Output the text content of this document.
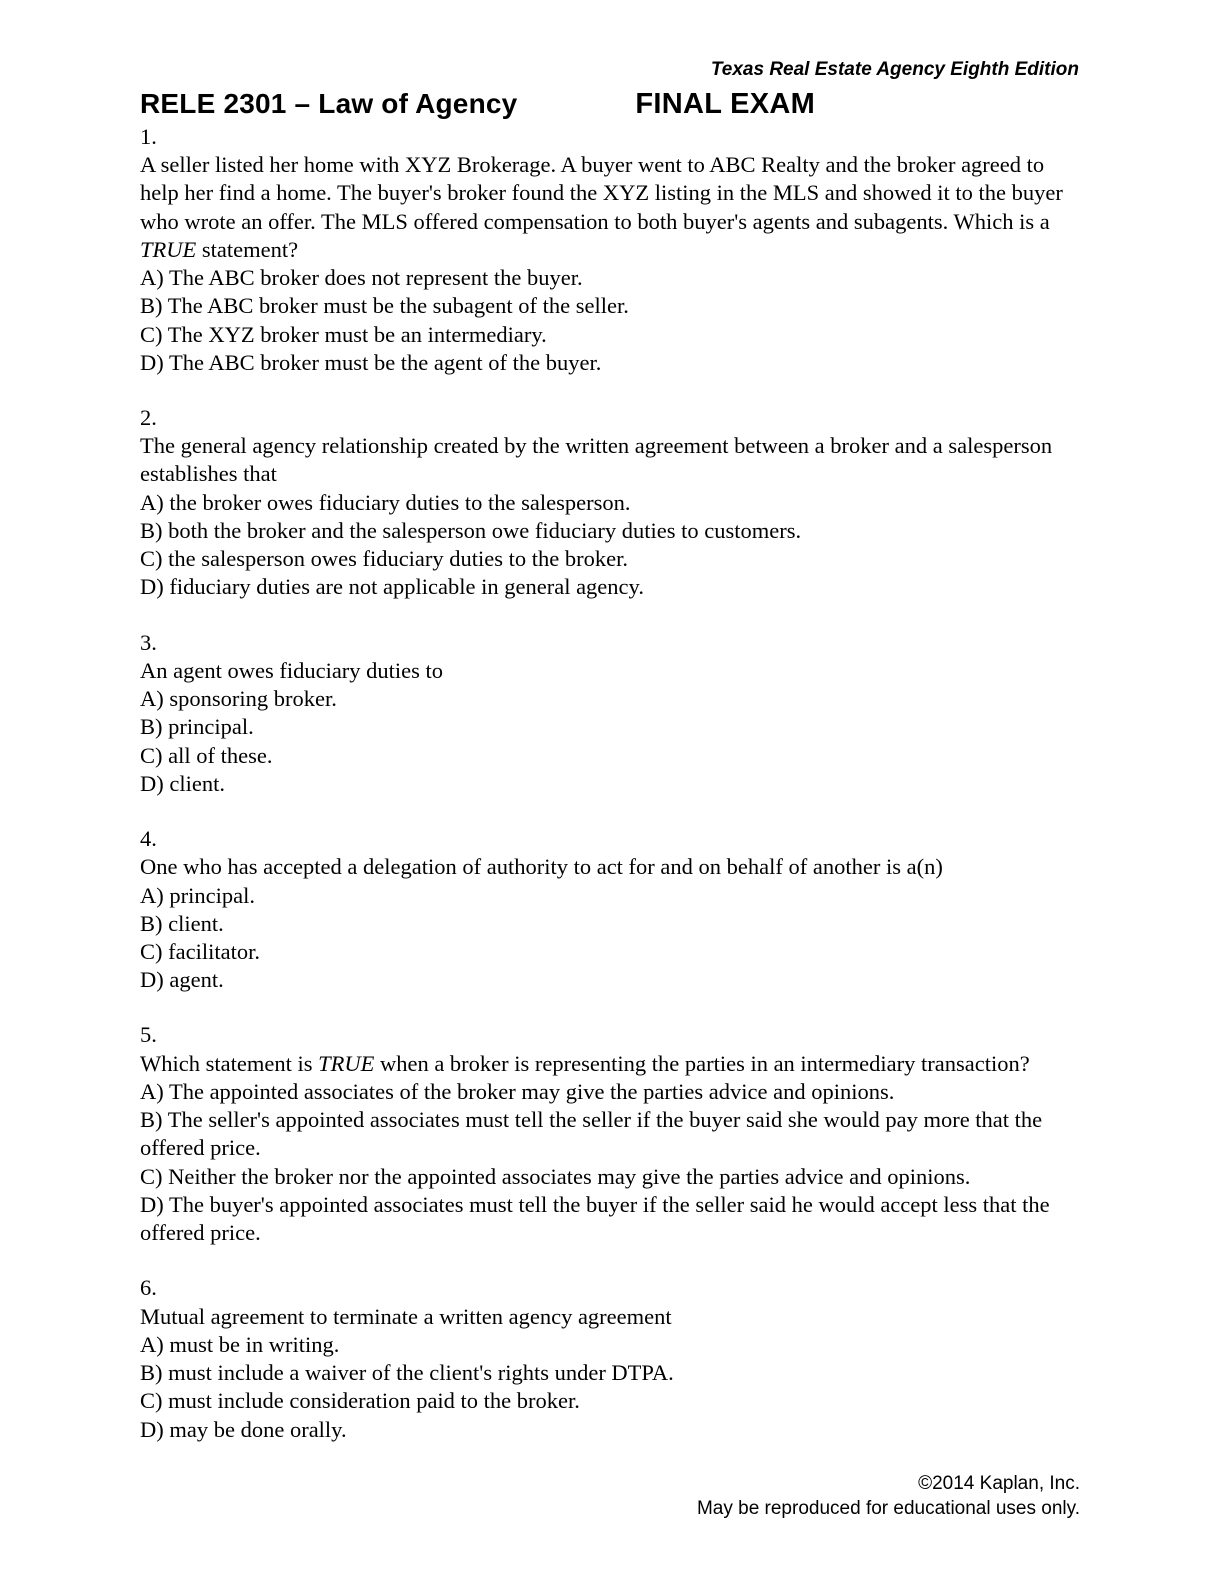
Texas Real Estate Agency Eighth Edition
RELE 2301 – Law of Agency	FINAL EXAM

1.

A seller listed her home with XYZ Brokerage. A buyer went to ABC Realty and the broker agreed to help her find a home. The buyer's broker found the XYZ listing in the MLS and showed it to the buyer who wrote an offer. The MLS offered compensation to both buyer's agents and subagents. Which is a TRUE statement?

A) The ABC broker does not represent the buyer.

B) The ABC broker must be the subagent of the seller.

C) The XYZ broker must be an intermediary.

D) The ABC broker must be the agent of the buyer.

2.

The general agency relationship created by the written agreement between a broker and a salesperson establishes that

A) the broker owes fiduciary duties to the salesperson.

B) both the broker and the salesperson owe fiduciary duties to customers.

C) the salesperson owes fiduciary duties to the broker.

D) fiduciary duties are not applicable in general agency.

3.

An agent owes fiduciary duties to

A) sponsoring broker.

B) principal.

C) all of these.

D) client.

4.

One who has accepted a delegation of authority to act for and on behalf of another is a(n)

A) principal.

B) client.

C) facilitator.

D) agent.

5.

Which statement is TRUE when a broker is representing the parties in an intermediary transaction?

A) The appointed associates of the broker may give the parties advice and opinions.

B) The seller's appointed associates must tell the seller if the buyer said she would pay more that the offered price.

C) Neither the broker nor the appointed associates may give the parties advice and opinions.

D) The buyer's appointed associates must tell the buyer if the seller said he would accept less that the offered price.

6.

Mutual agreement to terminate a written agency agreement

A) must be in writing.

B) must include a waiver of the client's rights under DTPA.

C) must include consideration paid to the broker.

D) may be done orally.

©2014 Kaplan, Inc.
May be reproduced for educational uses only.
